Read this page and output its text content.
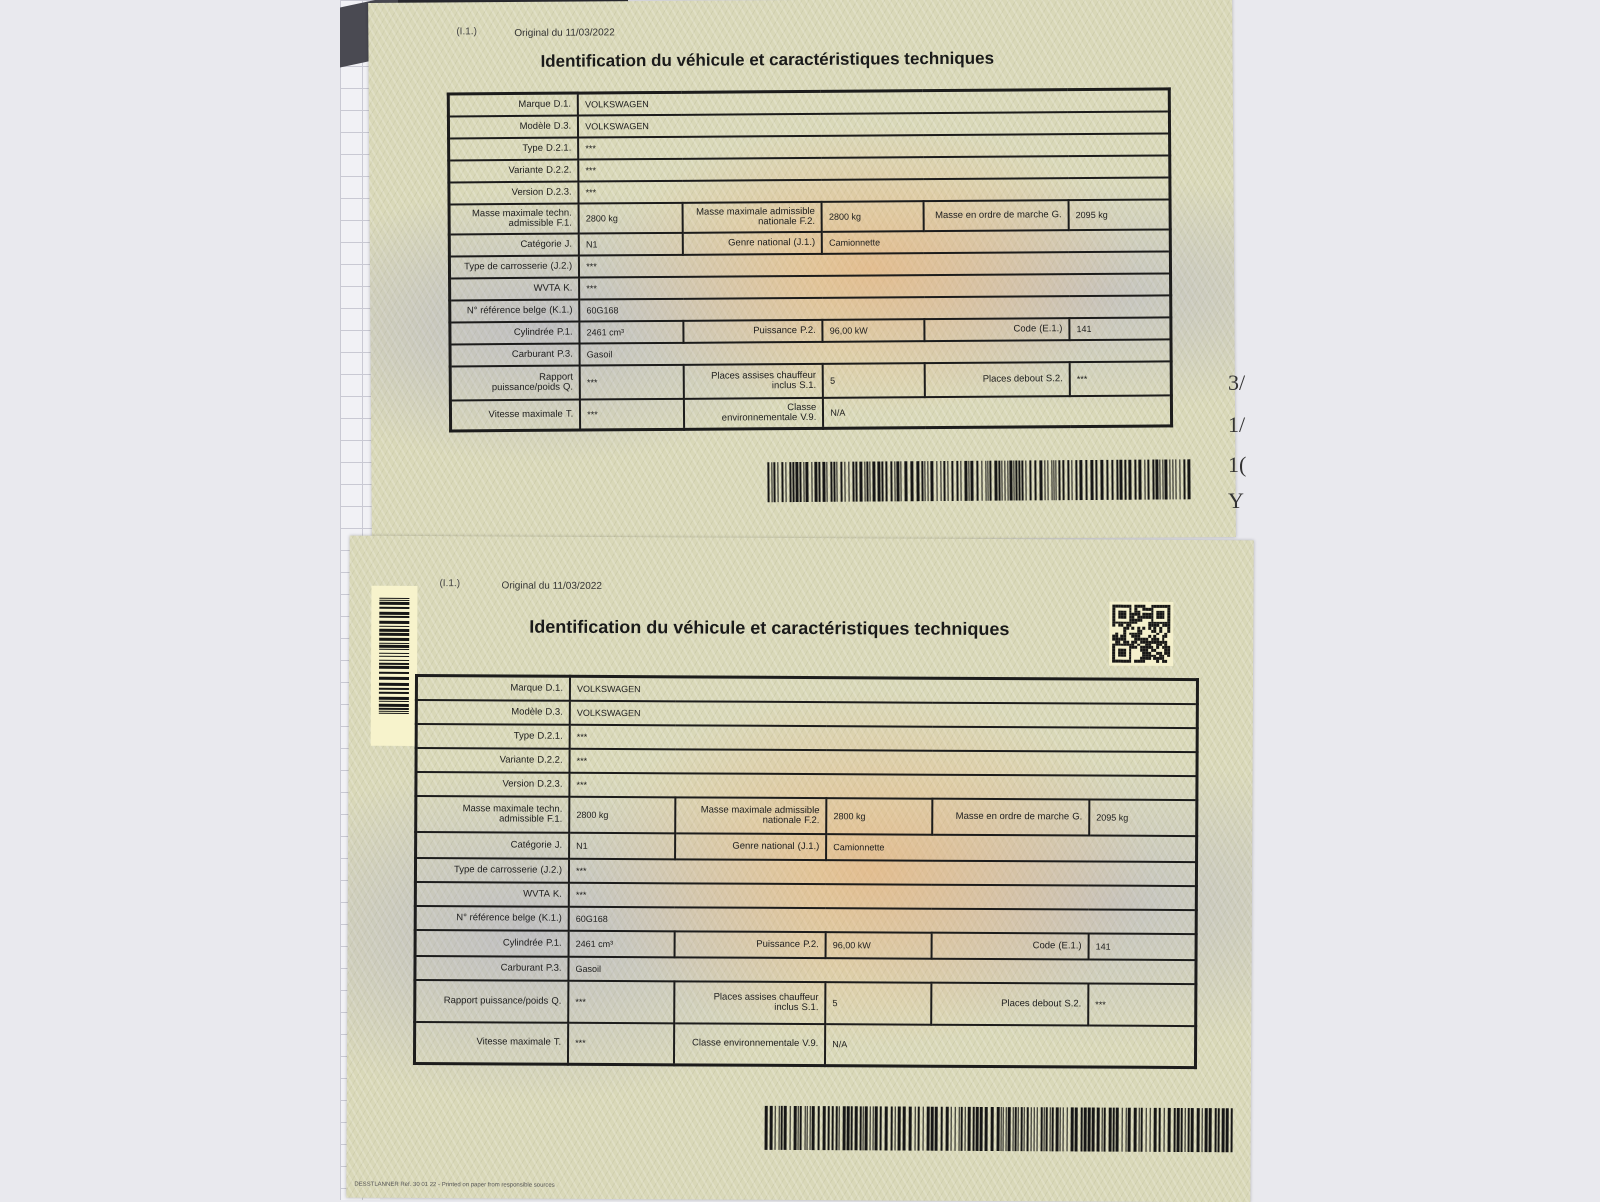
(I.1.)	Original du 11/03/2022
Identification du véhicule et caractéristiques techniques
Marque D.1.	VOLKSWAGEN				
Modèle D.3.	VOLKSWAGEN				
Type D.2.1.	***				
Variante D.2.2.	***				
Version D.2.3.	***				
Masse maximale techn. admissible F.1.	2800 kg	Masse maximale admissible nationale F.2.	2800 kg	Masse en ordre de marche G.	2095 kg
Catégorie J.	N1	Genre national (J.1.)	Camionnette		
Type de carrosserie (J.2.)	***				
WVTA K.	***				
N° référence belge (K.1.)	60G168				
Cylindrée P.1.	2461 cm³	Puissance P.2.	96,00 kW	Code (E.1.)	141
Carburant P.3.	Gasoil				
Rapport puissance/poids Q.	***	Places assises chauffeur inclus S.1.	5	Places debout S.2.	***
Vitesse maximale T.	***	Classe environnementale V.9.	N/A		
(I.1.)	Original du 11/03/2022
Identification du véhicule et caractéristiques techniques
Marque D.1.	VOLKSWAGEN				
Modèle D.3.	VOLKSWAGEN				
Type D.2.1.	***				
Variante D.2.2.	***				
Version D.2.3.	***				
Masse maximale techn. admissible F.1.	2800 kg	Masse maximale admissible nationale F.2.	2800 kg	Masse en ordre de marche G.	2095 kg
Catégorie J.	N1	Genre national (J.1.)	Camionnette		
Type de carrosserie (J.2.)	***				
WVTA K.	***				
N° référence belge (K.1.)	60G168				
Cylindrée P.1.	2461 cm³	Puissance P.2.	96,00 kW	Code (E.1.)	141
Carburant P.3.	Gasoil				
Rapport puissance/poids Q.	***	Places assises chauffeur inclus S.1.	5	Places debout S.2.	***
Vitesse maximale T.	***	Classe environnementale V.9.	N/A		
DESSTLANNER Ref. 30 01 22 - Printed on paper from responsible sources
3/
1/
1(
Y
